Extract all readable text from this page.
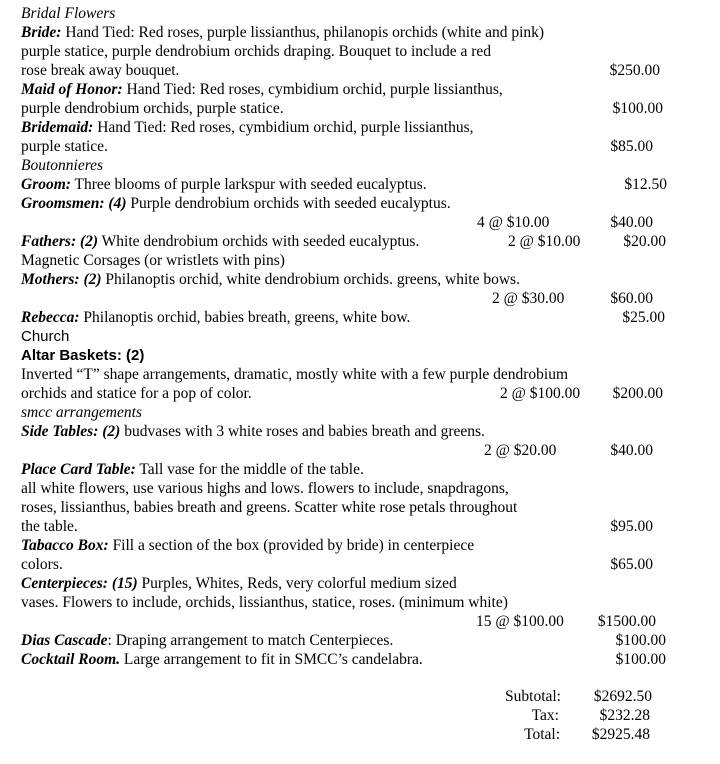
Bridal Flowers
Bride: Hand Tied: Red roses, purple lissianthus, philanopis orchids (white and pink)
purple statice, purple dendrobium orchids draping. Bouquet to include a red
rose break away bouquet.	$250.00
Maid of Honor: Hand Tied: Red roses, cymbidium orchid, purple lissianthus,
purple dendrobium orchids, purple statice.	$100.00
Bridemaid: Hand Tied: Red roses, cymbidium orchid, purple lissianthus,
purple statice.	$85.00
Boutonnieres
Groom: Three blooms of purple larkspur with seeded eucalyptus.	$12.50
Groomsmen: (4) Purple dendrobium orchids with seeded eucalyptus.
4 @ $10.00	$40.00
Fathers: (2) White dendrobium orchids with seeded eucalyptus.	2 @ $10.00	$20.00
Magnetic Corsages (or wristlets with pins)
Mothers: (2) Philanoptis orchid, white dendrobium orchids. greens, white bows.
2 @ $30.00	$60.00
Rebecca: Philanoptis orchid, babies breath, greens, white bow.	$25.00
Church
Altar Baskets: (2)
Inverted “T” shape arrangements, dramatic, mostly white with a few purple dendrobium
orchids and statice for a pop of color.	2 @ $100.00 $200.00
smcc arrangements
Side Tables: (2) budvases with 3 white roses and babies breath and greens.
2 @ $20.00	$40.00
Place Card Table: Tall vase for the middle of the table.
all white flowers, use various highs and lows. flowers to include, snapdragons,
roses, lissianthus, babies breath and greens. Scatter white rose petals throughout
the table.	$95.00
Tabacco Box: Fill a section of the box (provided by bride) in centerpiece
colors.	$65.00
Centerpieces: (15) Purples, Whites, Reds, very colorful medium sized
vases. Flowers to include, orchids, lissianthus, statice, roses. (minimum white)
15 @ $100.00 $1500.00
Dias Cascade: Draping arrangement to match Centerpieces.	$100.00
Cocktail Room. Large arrangement to fit in SMCC’s candelabra.	$100.00
Subtotal: $2692.50
Tax:	$232.28
Total: $2925.48
